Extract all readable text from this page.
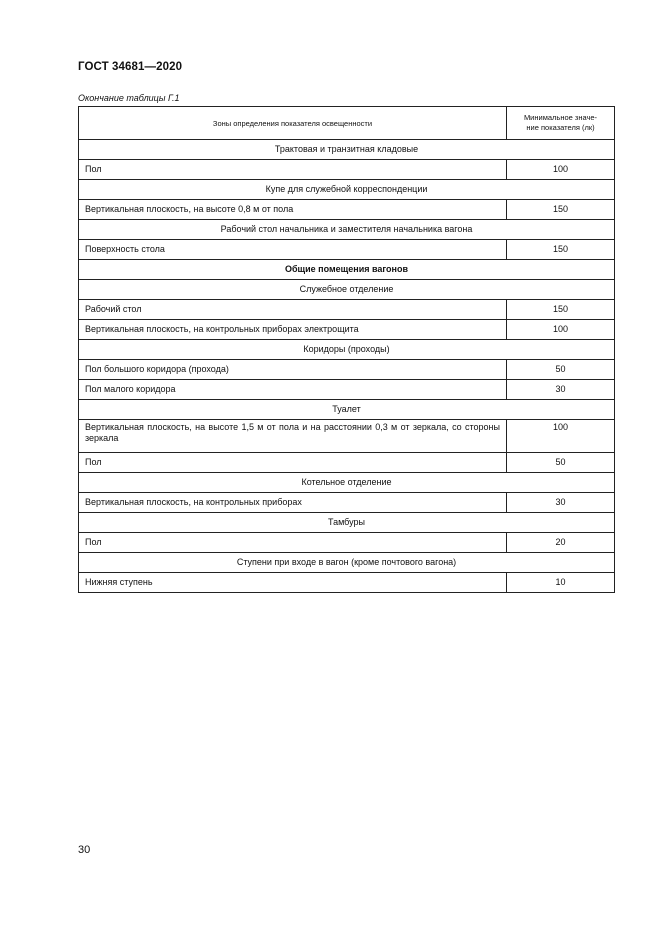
ГОСТ 34681—2020
Окончание таблицы Г.1
Зоны определения показателя освещенности	Минимальное значе-
ние показателя (лк)
Трактовая и транзитная кладовые	
Пол	100
Купе для служебной корреспонденции	
Вертикальная плоскость, на высоте 0,8 м от пола	150
Рабочий стол начальника и заместителя начальника вагона	
Поверхность стола	150
Общие помещения вагонов	
Служебное отделение	
Рабочий стол	150
Вертикальная плоскость, на контрольных приборах электрощита	100
Коридоры (проходы)	
Пол большого коридора (прохода)	50
Пол малого коридора	30
Туалет	
Вертикальная плоскость, на высоте 1,5 м от пола и на расстоянии 0,3 м от зеркала, со стороны зеркала	100
Пол	50
Котельное отделение	
Вертикальная плоскость, на контрольных приборах	30
Тамбуры	
Пол	20
Ступени при входе в вагон (кроме почтового вагона)	
Нижняя ступень	10
30
